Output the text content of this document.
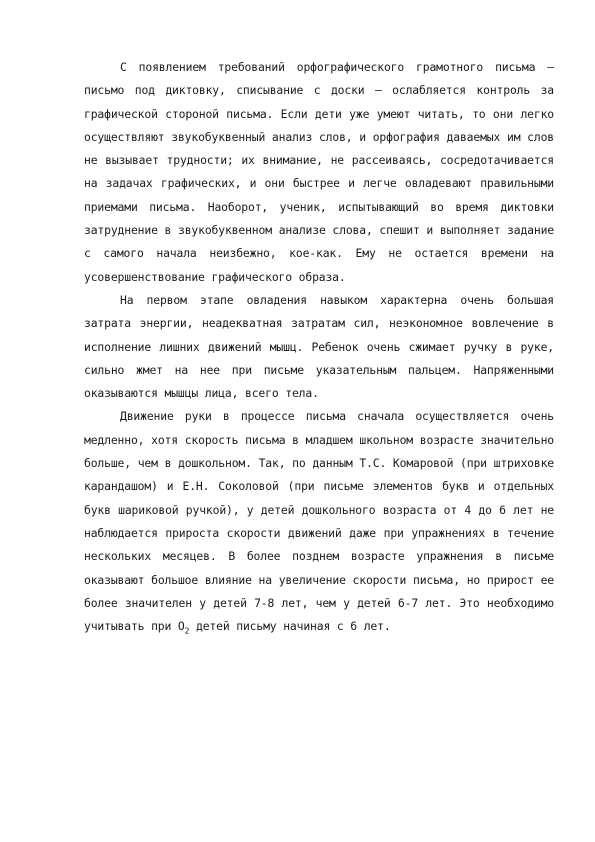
С появлением требований орфографического грамотного письма – письмо под диктовку, списывание с доски – ослабляется контроль за графической стороной письма. Если дети уже умеют читать, то они легко осуществляют звукобуквенный анализ слов, и орфография даваемых им слов не вызывает трудности; их внимание, не рассеиваясь, сосредотачивается на задачах графических, и они быстрее и легче овладевают правильными приемами письма. Наоборот, ученик, испытывающий во время диктовки затруднение в звукобуквенном анализе слова, спешит и выполняет задание с самого начала неизбежно, кое-как. Ему не остается времени на усовершенствование графического образа.

На первом этапе овладения навыком характерна очень большая затрата энергии, неадекватная затратам сил, неэкономное вовлечение в исполнение лишних движений мышц. Ребенок очень сжимает ручку в руке, сильно жмет на нее при письме указательным пальцем. Напряженными оказываются мышцы лица, всего тела.

Движение руки в процессе письма сначала осуществляется очень медленно, хотя скорость письма в младшем школьном возрасте значительно больше, чем в дошкольном. Так, по данным Т.С. Комаровой (при штриховке карандашом) и Е.Н. Соколовой (при письме элементов букв и отдельных букв шариковой ручкой), у детей дошкольного возраста от 4 до 6 лет не наблюдается прироста скорости движений даже при упражнениях в течение нескольких месяцев. В более позднем возрасте упражнения в письме оказывают большое влияние на увеличение скорости письма, но прирост ее более значителен у детей 7-8 лет, чем у детей 6-7 лет. Это необходимо учитывать при $О_2$ детей письму начиная с 6 лет.
